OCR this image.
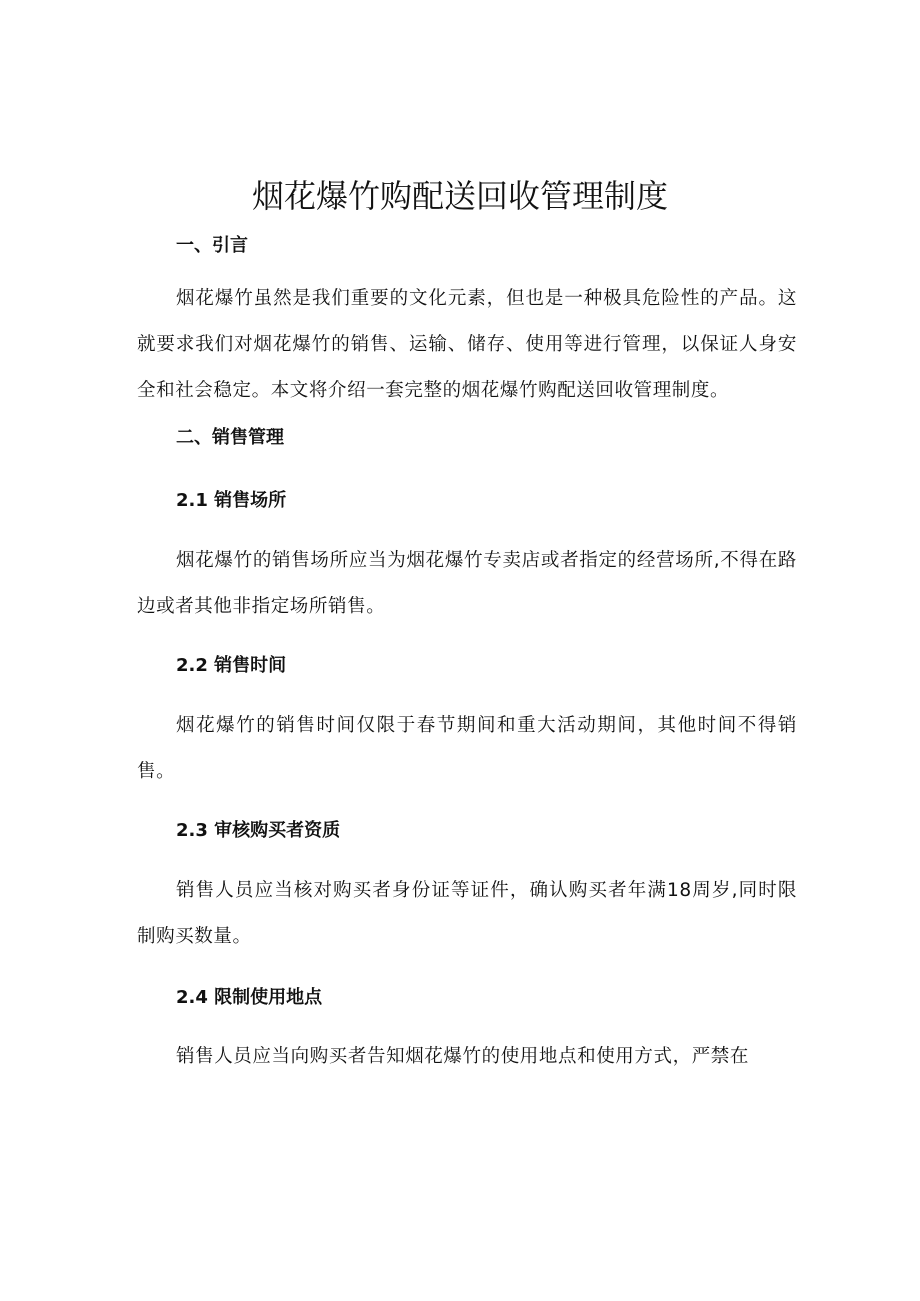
烟花爆竹购配送回收管理制度
一、引言

烟花爆竹虽然是我们重要的文化元素，但也是一种极具危险性的产品。这就要求我们对烟花爆竹的销售、运输、储存、使用等进行管理，以保证人身安全和社会稳定。本文将介绍一套完整的烟花爆竹购配送回收管理制度。

二、销售管理
2.1 销售场所

烟花爆竹的销售场所应当为烟花爆竹专卖店或者指定的经营场所,不得在路边或者其他非指定场所销售。

2.2 销售时间

烟花爆竹的销售时间仅限于春节期间和重大活动期间，其他时间不得销售。

2.3 审核购买者资质

销售人员应当核对购买者身份证等证件，确认购买者年满18周岁,同时限制购买数量。

2.4 限制使用地点

销售人员应当向购买者告知烟花爆竹的使用地点和使用方式，严禁在
